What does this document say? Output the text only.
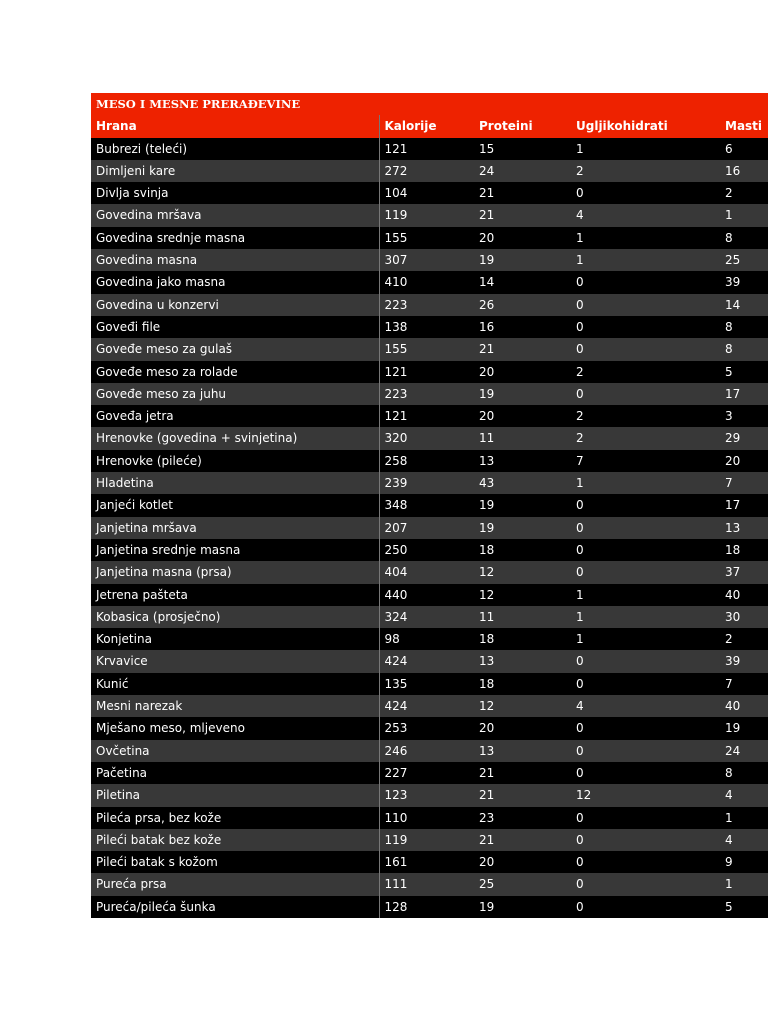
MESO I MESNE PRERAĐEVINE				
Hrana	Kalorije	Proteini	Ugljikohidrati	Masti
Bubrezi (teleći)	121	15	1	6
Dimljeni kare	272	24	2	16
Divlja svinja	104	21	0	2
Govedina mršava	119	21	4	1
Govedina srednje masna	155	20	1	8
Govedina masna	307	19	1	25
Govedina jako masna	410	14	0	39
Govedina u konzervi	223	26	0	14
Goveđi file	138	16	0	8
Goveđe meso za gulaš	155	21	0	8
Goveđe meso za rolade	121	20	2	5
Goveđe meso za juhu	223	19	0	17
Goveđa jetra	121	20	2	3
Hrenovke (govedina + svinjetina)	320	11	2	29
Hrenovke (pileće)	258	13	7	20
Hladetina	239	43	1	7
Janjeći kotlet	348	19	0	17
Janjetina mršava	207	19	0	13
Janjetina srednje masna	250	18	0	18
Janjetina masna (prsa)	404	12	0	37
Jetrena pašteta	440	12	1	40
Kobasica (prosječno)	324	11	1	30
Konjetina	98	18	1	2
Krvavice	424	13	0	39
Kunić	135	18	0	7
Mesni narezak	424	12	4	40
Mješano meso, mljeveno	253	20	0	19
Ovčetina	246	13	0	24
Pačetina	227	21	0	8
Piletina	123	21	12	4
Pileća prsa, bez kože	110	23	0	1
Pileći batak bez kože	119	21	0	4
Pileći batak s kožom	161	20	0	9
Pureća prsa	111	25	0	1
Pureća/pileća šunka	128	19	0	5
